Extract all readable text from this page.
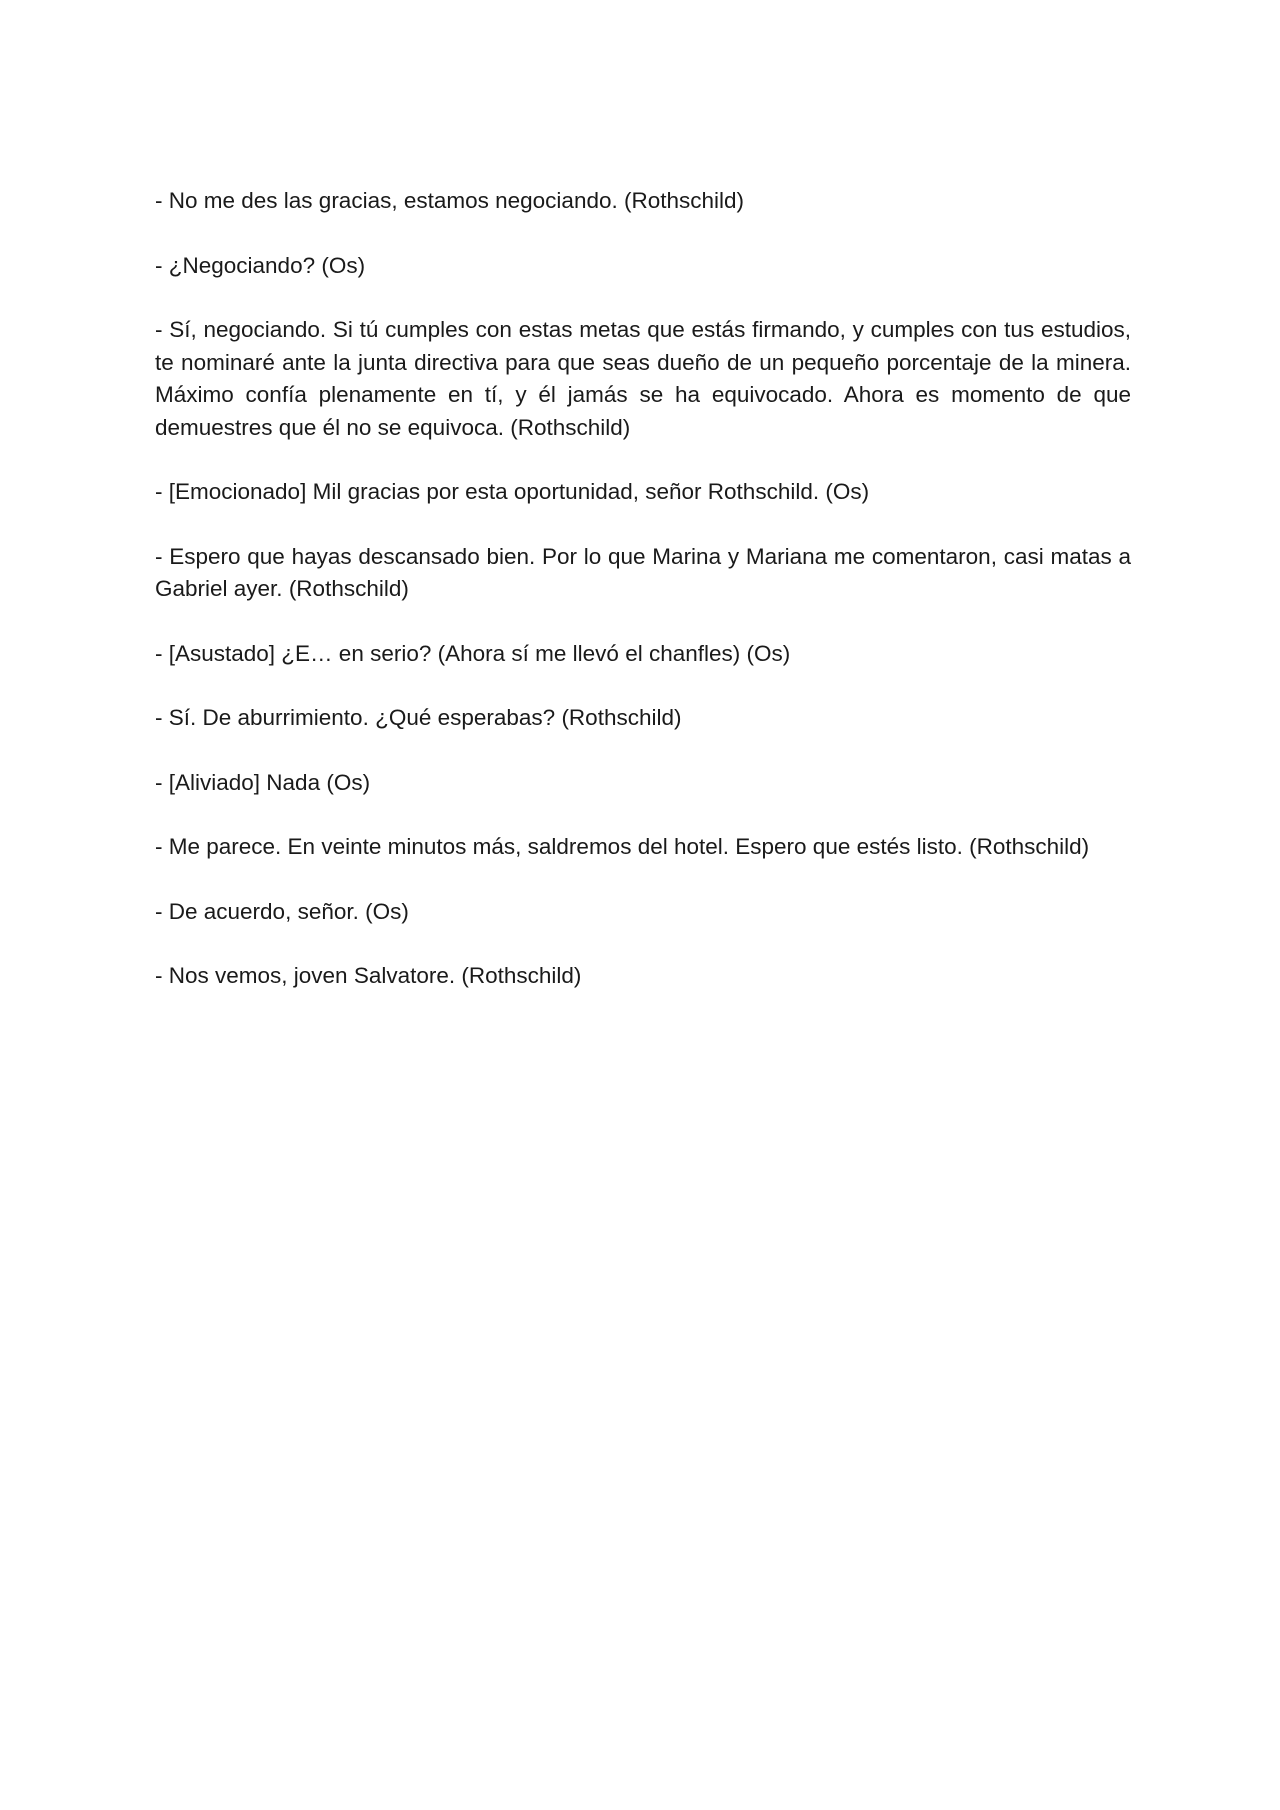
- No me des las gracias, estamos negociando. (Rothschild)

- ¿Negociando? (Os)

- Sí, negociando. Si tú cumples con estas metas que estás firmando, y cumples con tus estudios, te nominaré ante la junta directiva para que seas dueño de un pequeño porcentaje de la minera. Máximo confía plenamente en tí, y él jamás se ha equivocado. Ahora es momento de que demuestres que él no se equivoca. (Rothschild)

- [Emocionado] Mil gracias por esta oportunidad, señor Rothschild. (Os)

- Espero que hayas descansado bien. Por lo que Marina y Mariana me comentaron, casi matas a Gabriel ayer. (Rothschild)

- [Asustado] ¿E… en serio? (Ahora sí me llevó el chanfles) (Os)

- Sí. De aburrimiento. ¿Qué esperabas? (Rothschild)

- [Aliviado] Nada (Os)

- Me parece. En veinte minutos más, saldremos del hotel. Espero que estés listo. (Rothschild)

- De acuerdo, señor. (Os)

- Nos vemos, joven Salvatore. (Rothschild)
